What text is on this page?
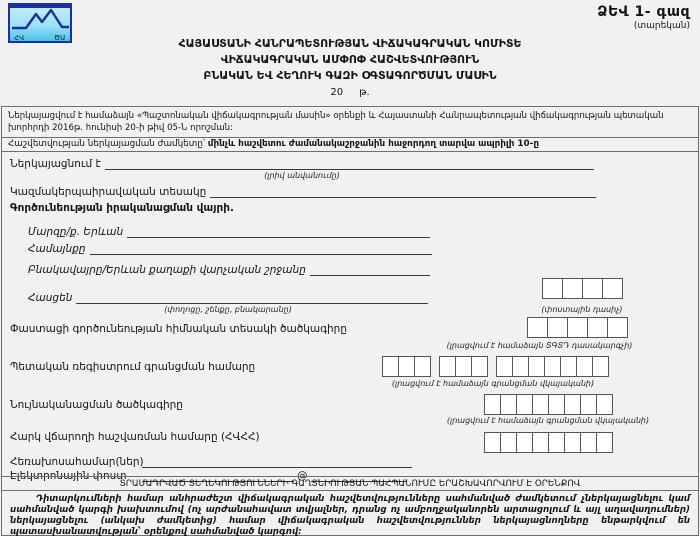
ՀՎ	ԾԱ
ՁԵՎ 1- գազ
(տարեկան)
ՀԱՅԱՍՏԱՆԻ ՀԱՆՐԱՊԵՏՈՒԹՅԱՆ ՎԻՃԱԿԱԳՐԱԿԱՆ ԿՈՄԻՏԵ
ՎԻՃԱԿԱԳՐԱԿԱՆ ԱՄՓՈՓ ՀԱՇՎԵՏՎՈՒԹՅՈՒՆ
ԲՆԱԿԱՆ ԵՎ ՀԵՂՈՒԿ ԳԱԶԻ ՕԳՏԱԳՈՐԾՄԱՆ ՄԱՍԻՆ
20 թ.
Ներկայացվում է համաձայն «Պաշտոնական վիճակագրության մասին» օրենքի և Հայաստանի Հանրապետության վիճակագրության պետական խորհրդի 2016թ. հունիսի 20-ի թիվ 05-Ն որոշման:
Հաշվետվության ներկայացման ժամկետը՝ մինչև հաշվետու ժամանակաշրջանին հաջորդող տարվա ապրիլի 10-ը
Ներկայացնում է
(լրիվ անվանումը)
Կազմակերպաիրավական տեսակը
Գործունեության իրականացման վայրի.
Մարզը/ք. Երևան
Համայնքը
Բնակավայրը/Երևան քաղաքի վարչական շրջանը
Հասցեն
(փողոցը, շենքը, բնակարանը)	(փոստային դասիչ)
Փաստացի գործունեության հիմնական տեսակի ծածկագիրը
(լրացվում է համաձայն ՏԳՏԴ դասակարգչի)
Պետական ռեգիստրում գրանցման համարը
(լրացվում է համաձայն գրանցման վկայականի)
Նույնականացման ծածկագիրը
(լրացվում է համաձայն գրանցման վկայականի)
Հարկ վճարողի հաշվառման համարը (ՀՎՀՀ)
Հեռախոսահամար(ներ)
Էլեկտրոնային փոստ	@
ՏՐԱՄԱԴՐՎԱԾ ՏԵՂԵԿՈՒԹՅՈՒՆՆԵՐԻ ԳԱՂՏՆԻՈՒԹՅԱՆ ՊԱՀՊԱՆՈՒՄԸ ԵՐԱՇԽԱՎՈՐՎՈՒՄ Է ՕՐԵՆՔՈՎ
Դիտարկումների համար անհրաժեշտ վիճակագրական հաշվետվությունները սահմանված ժամկետում չներկայացնելու կամ սահմանված կարգի խախտումով (ոչ արժանահավատ տվյալներ, դրանց ոչ ամբողջականորեն արտացոլում և այլ աղավաղումներ) ներկայացնելու (անկախ ժամկետից) համար վիճակագրական հաշվետվություններ ներկայացնողները ենթարկվում են պատասխանատվության՝ օրենքով սահմանված կարգով:
